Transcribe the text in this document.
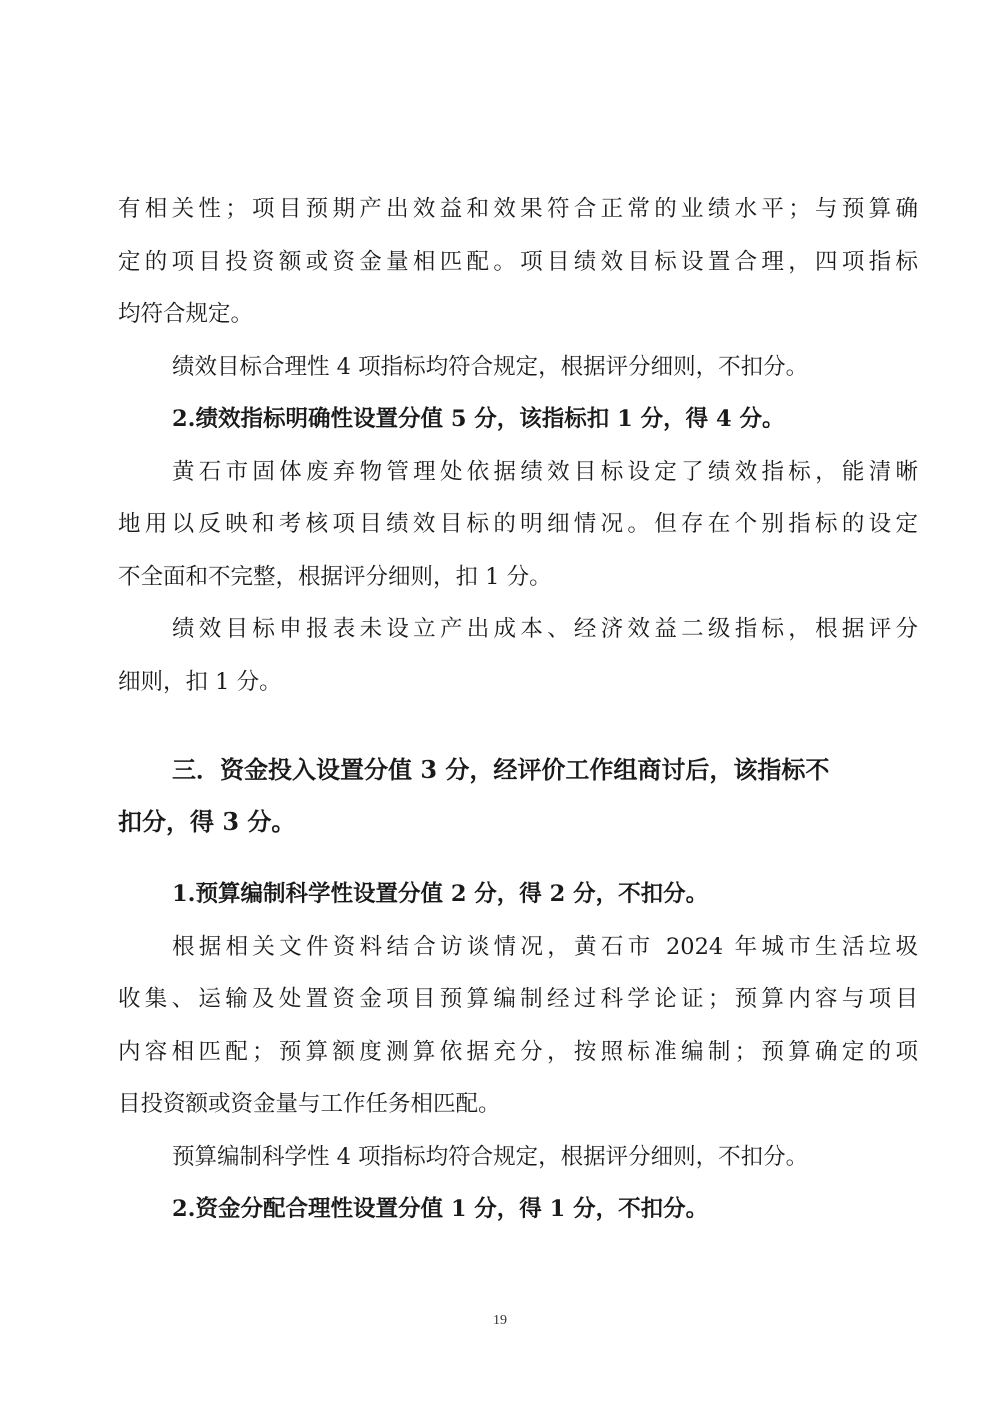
有相关性；项目预期产出效益和效果符合正常的业绩水平；与预算确
定的项目投资额或资金量相匹配。项目绩效目标设置合理，四项指标
均符合规定。
绩效目标合理性 4 项指标均符合规定，根据评分细则，不扣分。
2.绩效指标明确性设置分值 5 分，该指标扣 1 分，得 4 分。
黄石市固体废弃物管理处依据绩效目标设定了绩效指标，能清晰
地用以反映和考核项目绩效目标的明细情况。但存在个别指标的设定
不全面和不完整，根据评分细则，扣 1 分。
绩效目标申报表未设立产出成本、经济效益二级指标，根据评分
细则，扣 1 分。
三．资金投入设置分值 3 分，经评价工作组商讨后，该指标不
扣分，得 3 分。
1.预算编制科学性设置分值 2 分，得 2 分，不扣分。
根据相关文件资料结合访谈情况，黄石市 2024 年城市生活垃圾
收集、运输及处置资金项目预算编制经过科学论证；预算内容与项目
内容相匹配；预算额度测算依据充分，按照标准编制；预算确定的项
目投资额或资金量与工作任务相匹配。
预算编制科学性 4 项指标均符合规定，根据评分细则，不扣分。
2.资金分配合理性设置分值 1 分，得 1 分，不扣分。
19
